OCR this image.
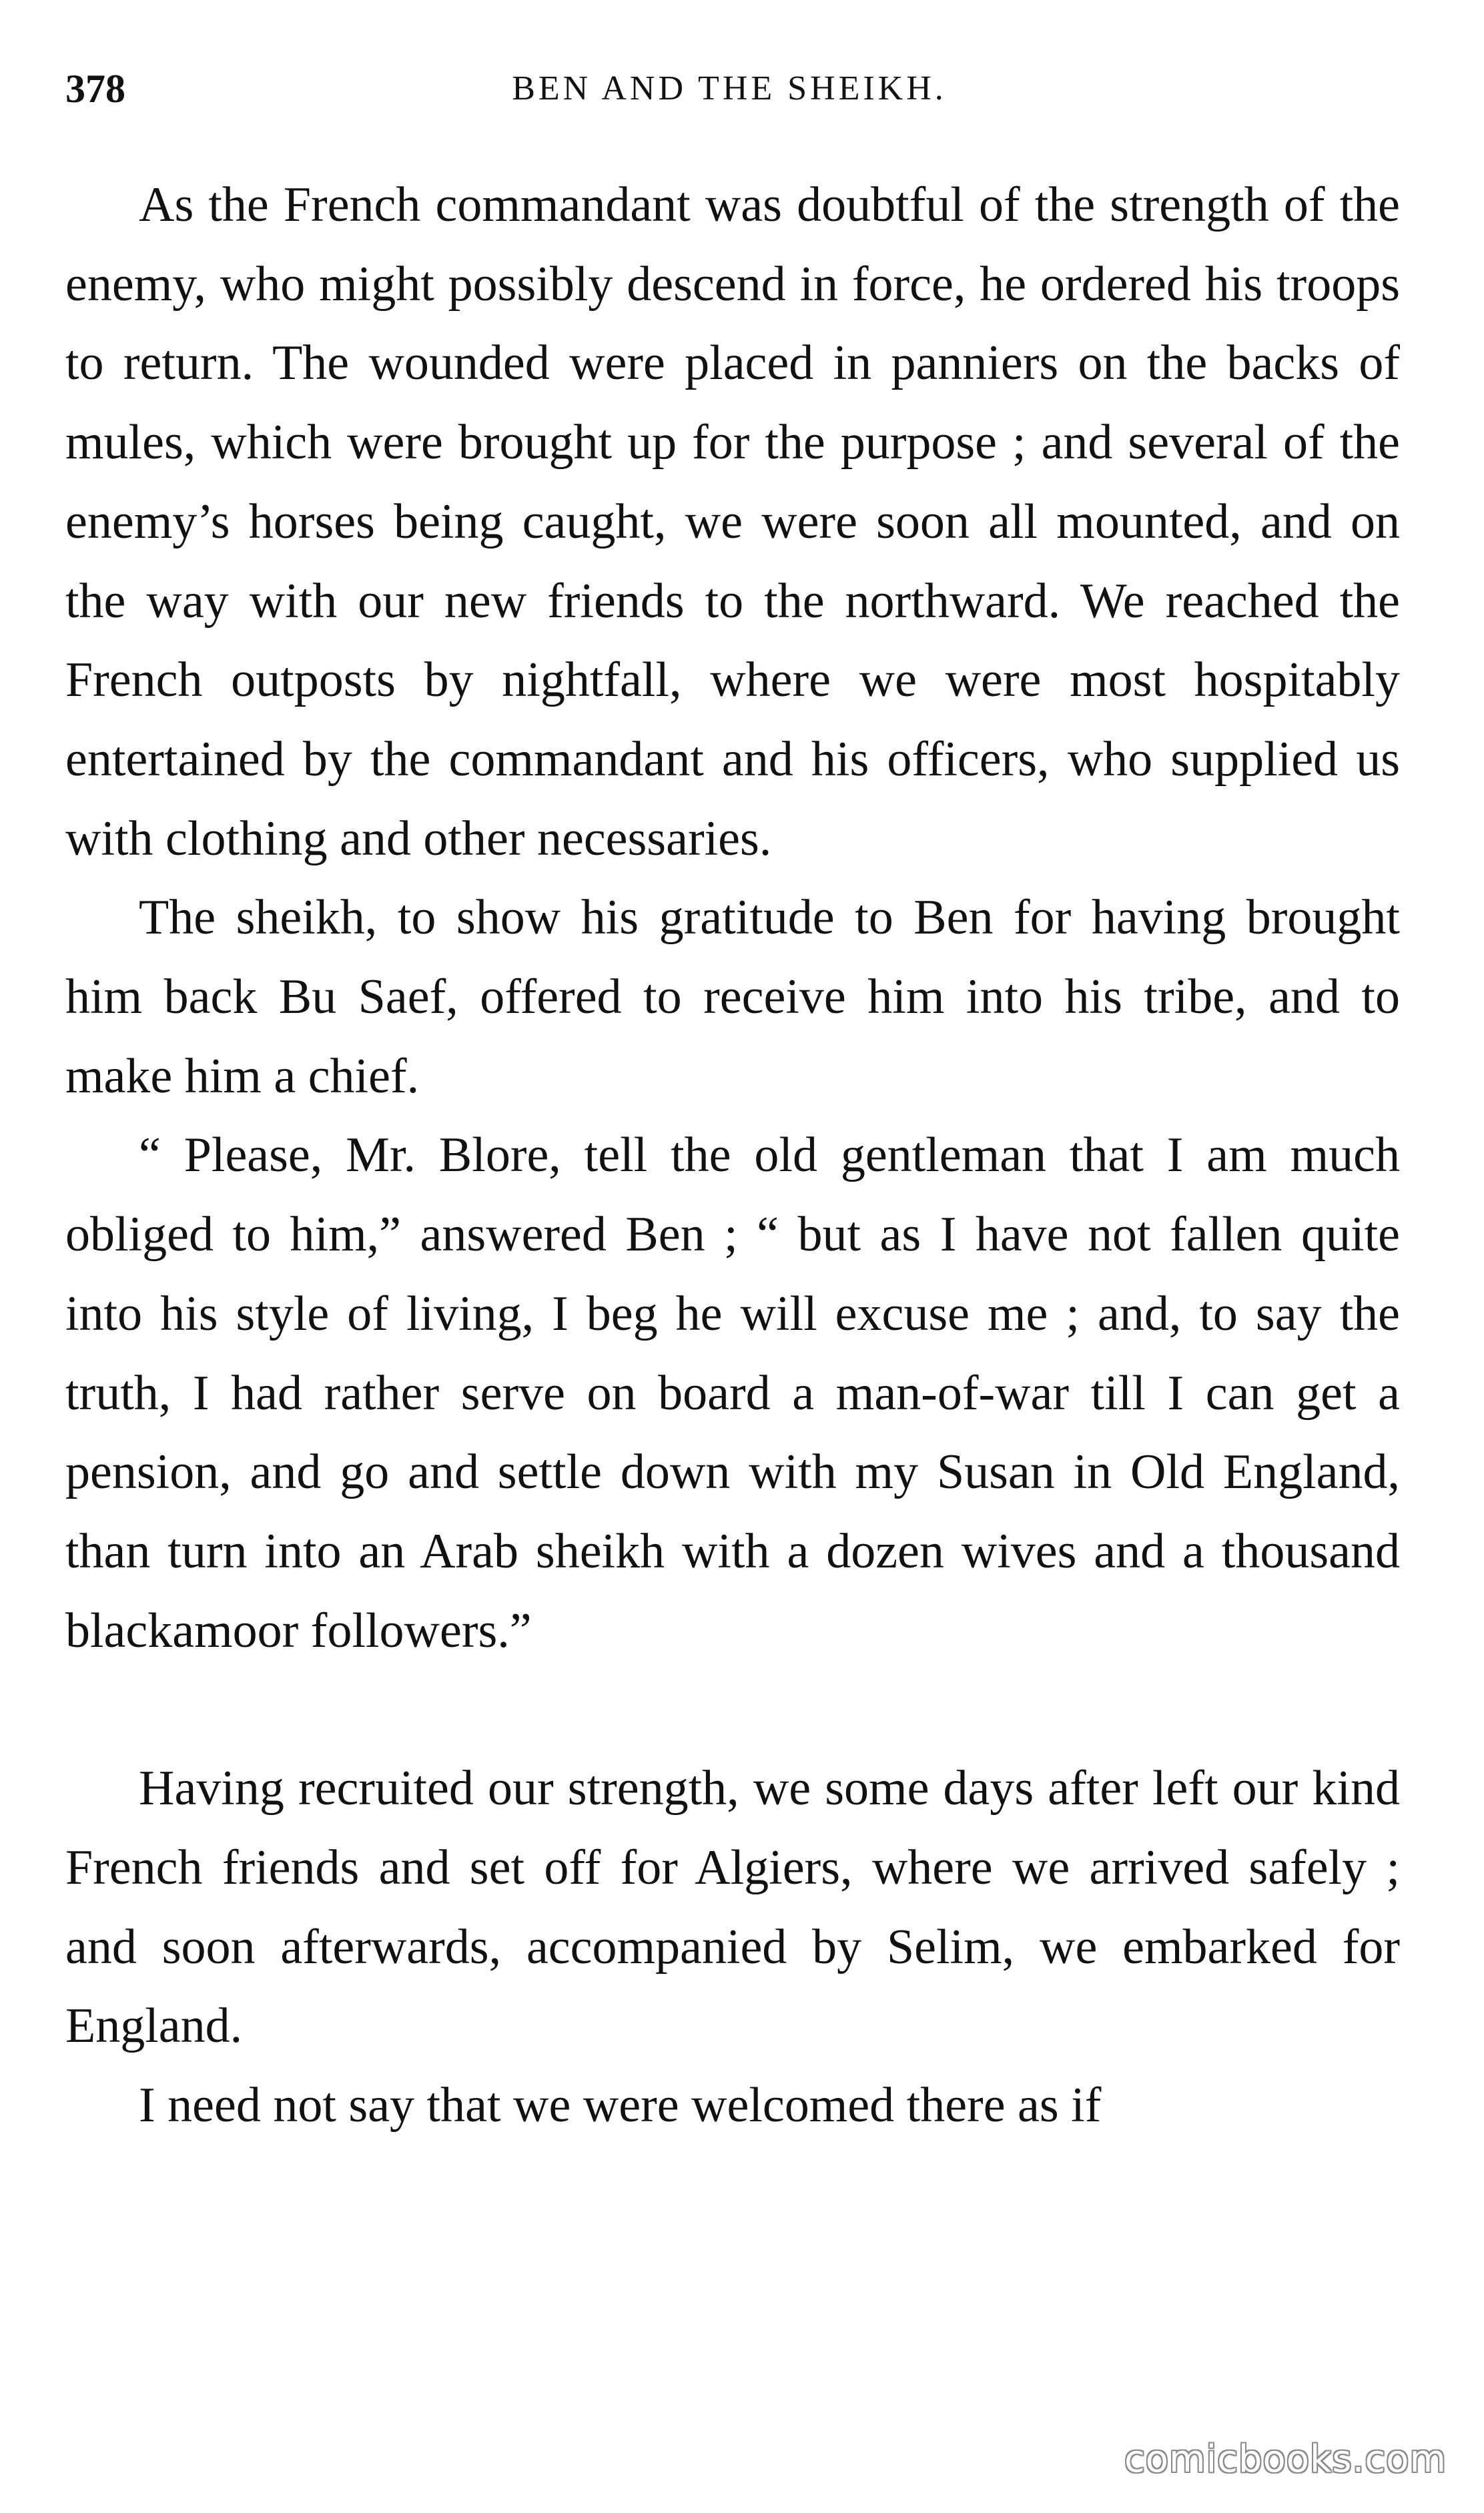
378	BEN AND THE SHEIKH.

As the French commandant was doubtful of the strength of the enemy, who might possibly descend in force, he ordered his troops to return. The wounded were placed in panniers on the backs of mules, which were brought up for the purpose ; and several of the enemy’s horses being caught, we were soon all mounted, and on the way with our new friends to the northward. We reached the French outposts by nightfall, where we were most hospitably entertained by the commandant and his officers, who supplied us with clothing and other necessaries.

The sheikh, to show his gratitude to Ben for having brought him back Bu Saef, offered to receive him into his tribe, and to make him a chief.

“ Please, Mr. Blore, tell the old gentleman that I am much obliged to him,” answered Ben ; “ but as I have not fallen quite into his style of living, I beg he will excuse me ; and, to say the truth, I had rather serve on board a man-of-war till I can get a pension, and go and settle down with my Susan in Old England, than turn into an Arab sheikh with a dozen wives and a thousand blackamoor followers.”

Having recruited our strength, we some days after left our kind French friends and set off for Algiers, where we arrived safely ; and soon afterwards, accompanied by Selim, we embarked for England.

I need not say that we were welcomed there as if

comicbooks.com
